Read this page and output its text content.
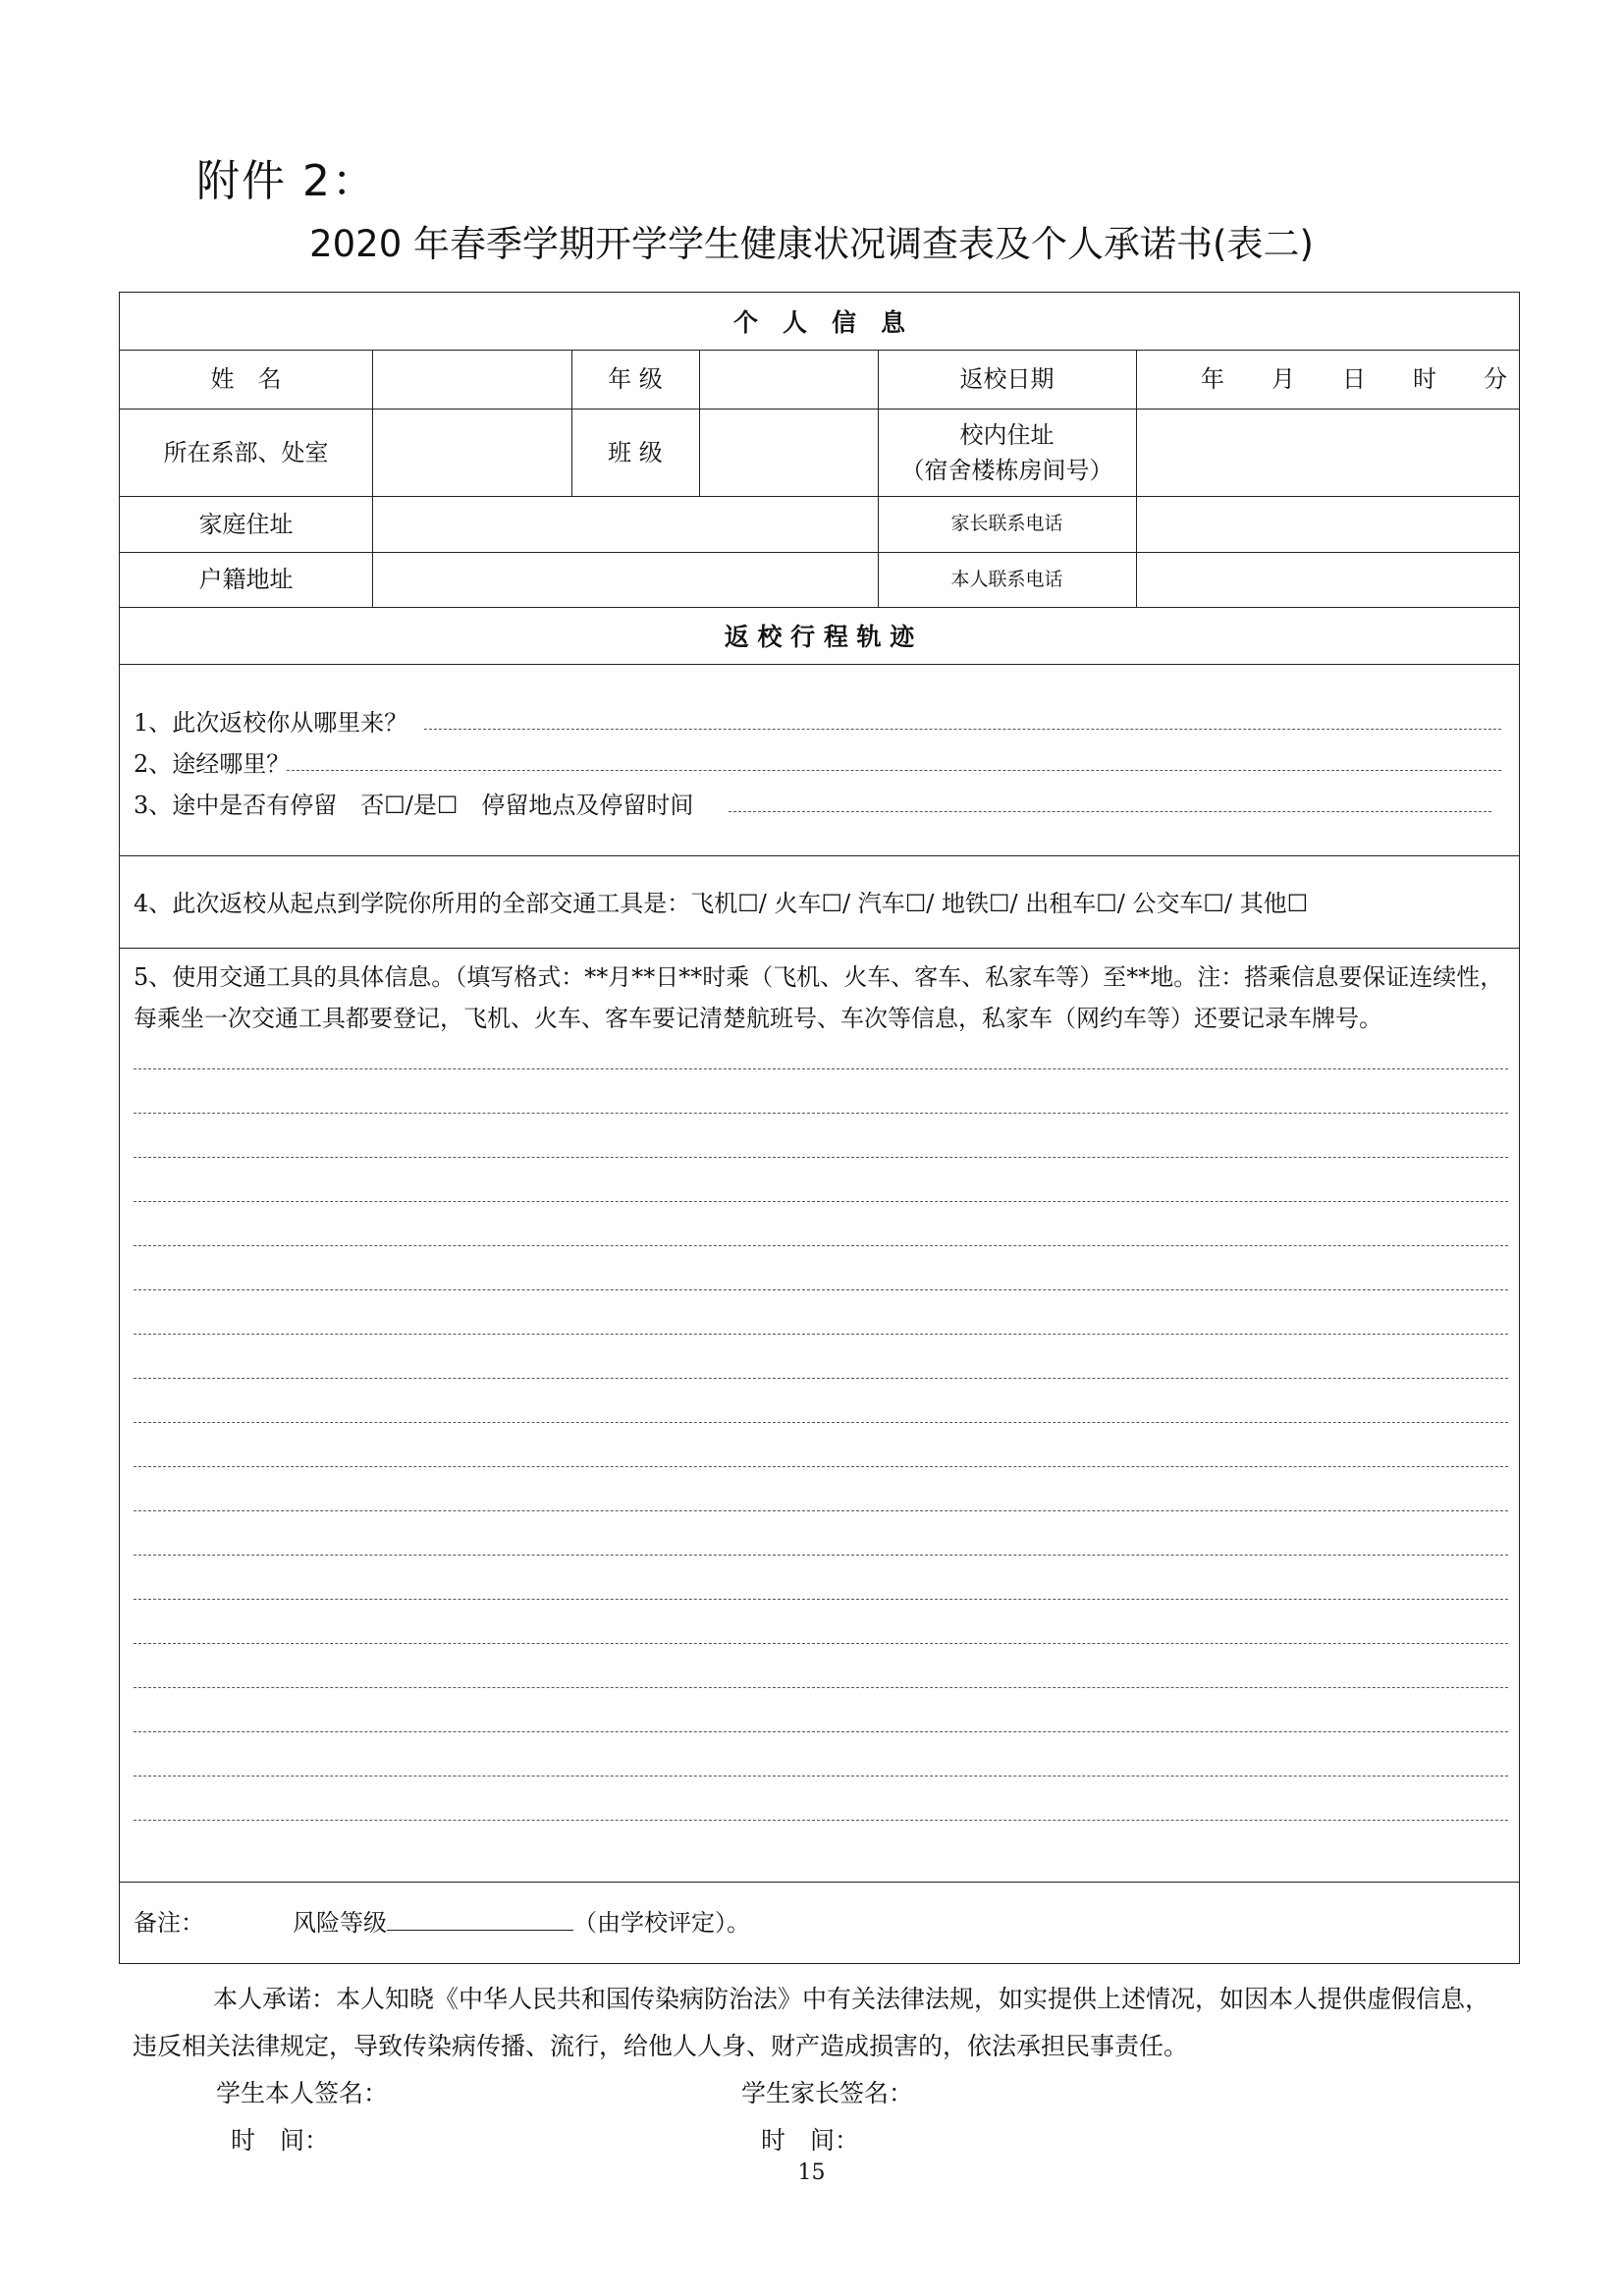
附件 2：
2020 年春季学期开学学生健康状况调查表及个人承诺书(表二)
个　人　信　息
姓　名	年 级	返校日期	年　　月　　日　　时　　分
所在系部、处室	班 级
校内住址
（宿舍楼栋房间号）
家庭住址	家长联系电话
户籍地址	本人联系电话
返 校 行 程 轨 迹
1、此次返校你从哪里来？
2、途经哪里？
3、途中是否有停留　否☐/是☐　停留地点及停留时间
4、此次返校从起点到学院你所用的全部交通工具是：飞机☐/ 火车☐/ 汽车☐/ 地铁☐/ 出租车☐/ 公交车☐/ 其他☐
5、使用交通工具的具体信息。（填写格式：**月**日**时乘（飞机、火车、客车、私家车等）至**地。注：搭乘信息要保证连续性，每乘坐一次交通工具都要登记，飞机、火车、客车要记清楚航班号、车次等信息，私家车（网约车等）还要记录车牌号。
备注：	风险等级	（由学校评定）。
本人承诺：本人知晓《中华人民共和国传染病防治法》中有关法律法规，如实提供上述情况，如因本人提供虚假信息， 违反相关法律规定，导致传染病传播、流行，给他人人身、财产造成损害的，依法承担民事责任。
学生本人签名：	学生家长签名：
时　间：	时　间：
15
